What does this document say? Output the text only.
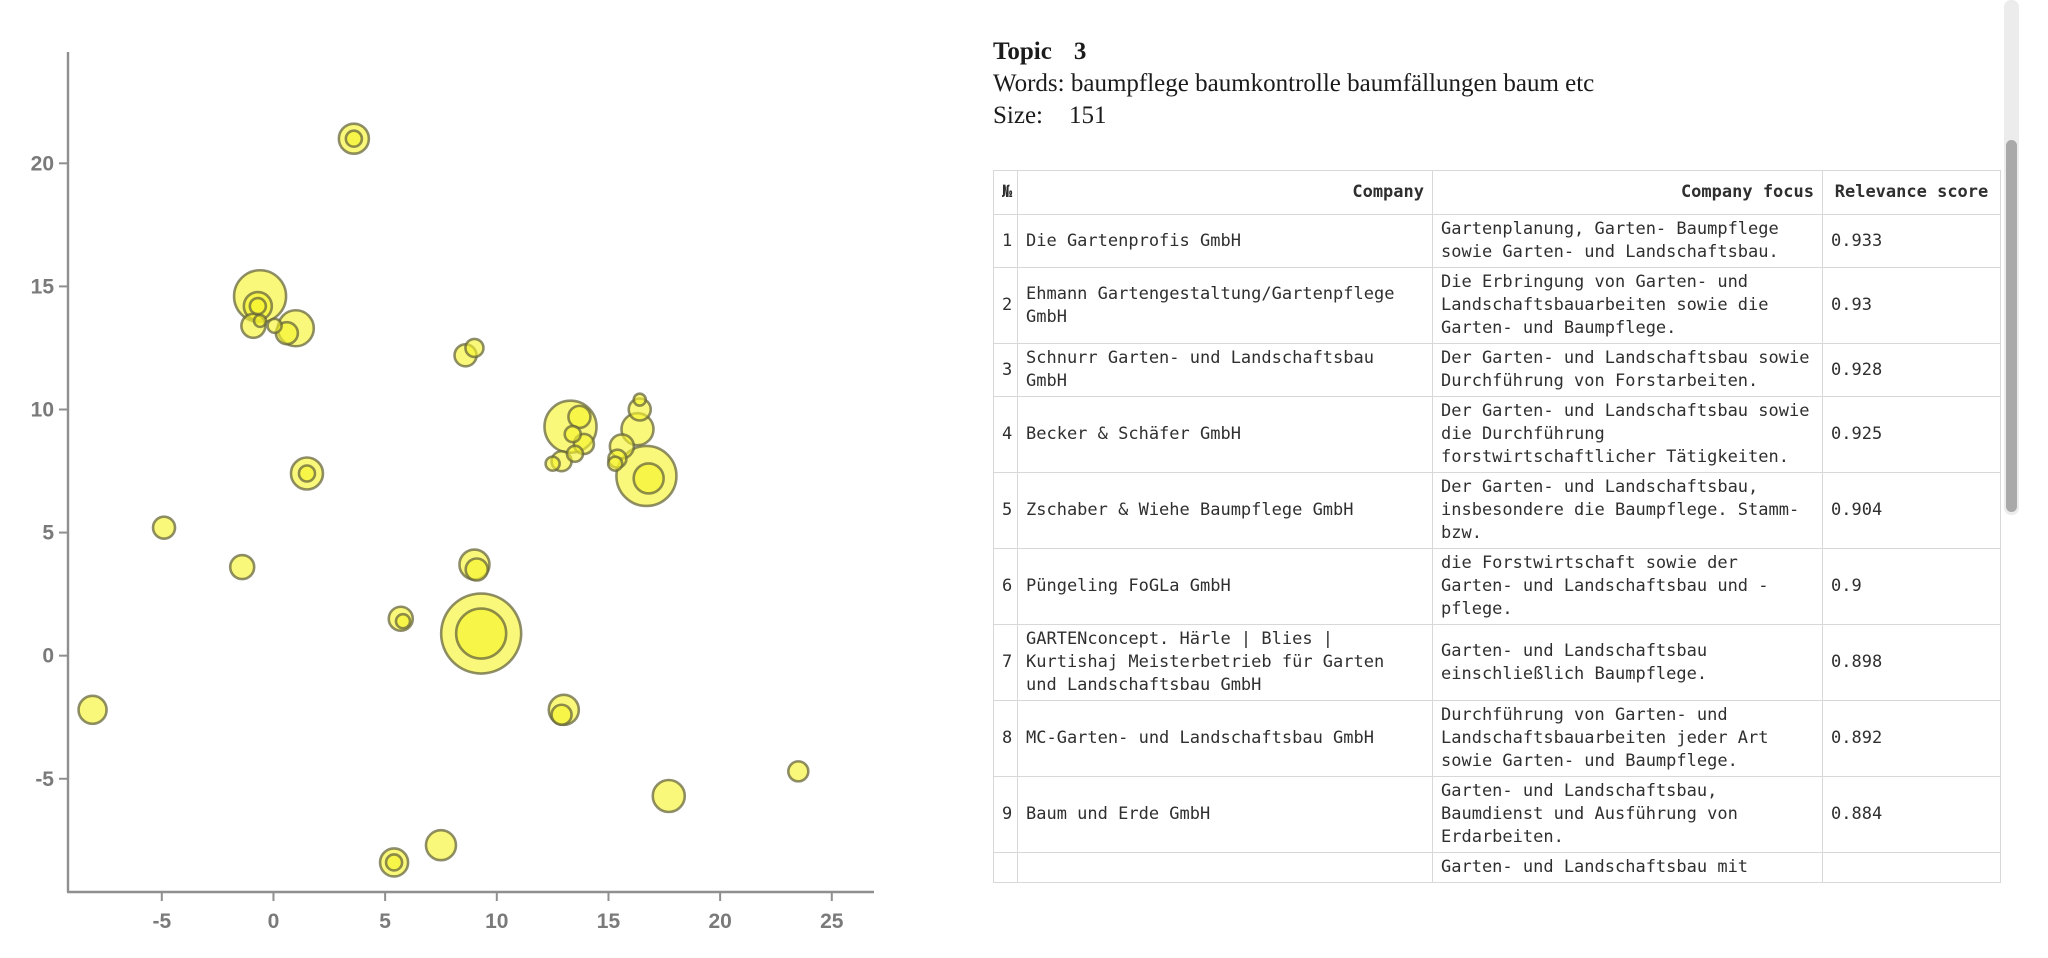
-5	0	5	10	15	20	25
-5
0
5
10
15
20
Topic 3
Words: baumpflege baumkontrolle baumfällungen baum etc
Size: 151
№	Company	Company focus	Relevance score
1	Die Gartenprofis GmbH	Gartenplanung, Garten- Baumpflege sowie Garten- und Landschaftsbau.	0.933
2	Ehmann Gartengestaltung/Gartenpflege GmbH	Die Erbringung von Garten- und Landschaftsbauarbeiten sowie die Garten- und Baumpflege.	0.93
3	Schnurr Garten- und Landschaftsbau GmbH	Der Garten- und Landschaftsbau sowie Durchführung von Forstarbeiten.	0.928
4	Becker & Schäfer GmbH	Der Garten- und Landschaftsbau sowie die Durchführung forstwirtschaftlicher Tätigkeiten.	0.925
5	Zschaber & Wiehe Baumpflege GmbH	Der Garten- und Landschaftsbau, insbesondere die Baumpflege. Stamm- bzw.	0.904
6	Püngeling FoGLa GmbH	die Forstwirtschaft sowie der Garten- und Landschaftsbau und - pflege.	0.9
7	GARTENconcept. Härle | Blies | Kurtishaj Meisterbetrieb für Garten und Landschaftsbau GmbH	Garten- und Landschaftsbau einschließlich Baumpflege.	0.898
8	MC-Garten- und Landschaftsbau GmbH	Durchführung von Garten- und Landschaftsbauarbeiten jeder Art sowie Garten- und Baumpflege.	0.892
9	Baum und Erde GmbH	Garten- und Landschaftsbau, Baumdienst und Ausführung von Erdarbeiten.	0.884
		Garten- und Landschaftsbau mit	
